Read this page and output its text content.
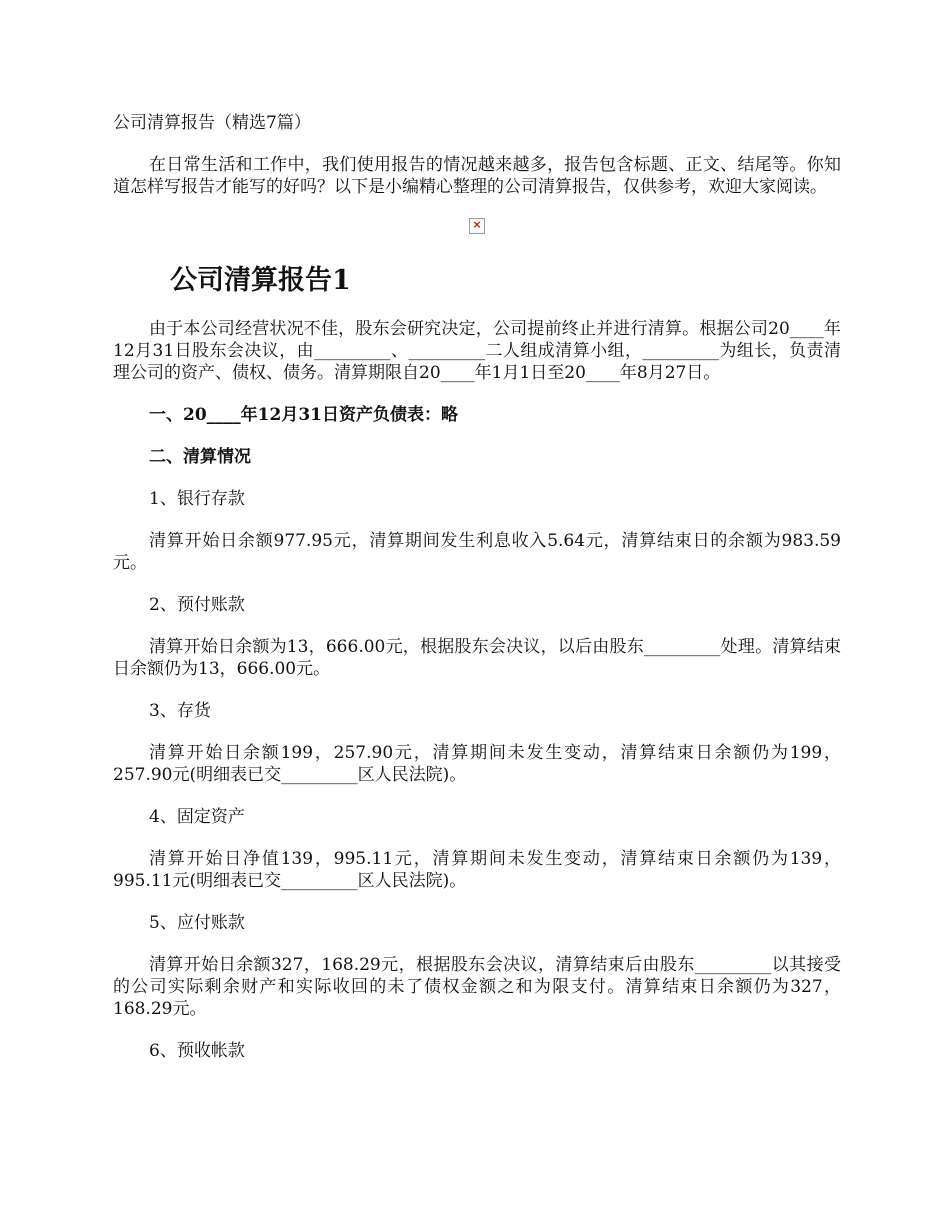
公司清算报告（精选7篇）

在日常生活和工作中，我们使用报告的情况越来越多，报告包含标题、正文、结尾等。你知道怎样写报告才能写的好吗？以下是小编精心整理的公司清算报告，仅供参考，欢迎大家阅读。

×
公司清算报告1

由于本公司经营状况不佳，股东会研究决定，公司提前终止并进行清算。根据公司20____年12月31日股东会决议，由_________、_________二人组成清算小组，_________为组长，负责清理公司的资产、债权、债务。清算期限自20____年1月1日至20____年8月27日。

一、20____年12月31日资产负债表：略

二、清算情况

1、银行存款

清算开始日余额977.95元，清算期间发生利息收入5.64元，清算结束日的余额为983.59元。

2、预付账款

清算开始日余额为13，666.00元，根据股东会决议，以后由股东_________处理。清算结束日余额仍为13，666.00元。

3、存货

清算开始日余额199，257.90元，清算期间未发生变动，清算结束日余额仍为199，257.90元(明细表已交_________区人民法院)。

4、固定资产

清算开始日净值139，995.11元，清算期间未发生变动，清算结束日余额仍为139，995.11元(明细表已交_________区人民法院)。

5、应付账款

清算开始日余额327，168.29元，根据股东会决议，清算结束后由股东_________以其接受的公司实际剩余财产和实际收回的未了债权金额之和为限支付。清算结束日余额仍为327，168.29元。

6、预收帐款
